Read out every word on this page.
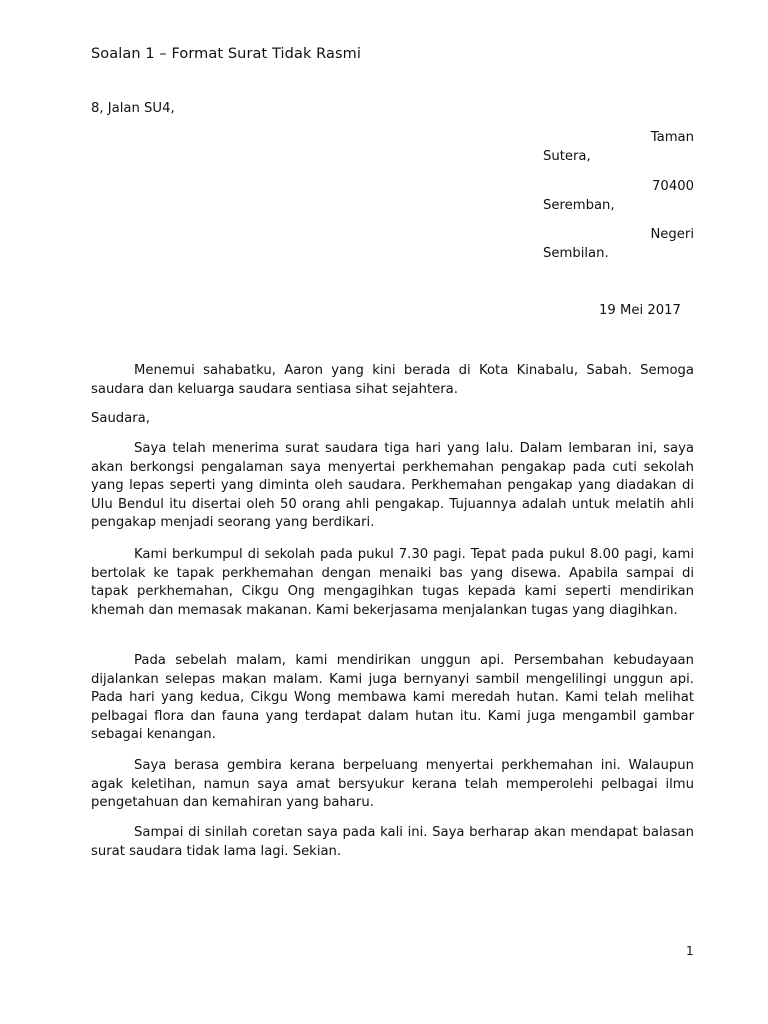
Soalan 1 – Format Surat Tidak Rasmi
8, Jalan SU4,
Taman
Sutera,
70400
Seremban,
Negeri
Sembilan.
19 Mei 2017

Menemui sahabatku, Aaron yang kini berada di Kota Kinabalu, Sabah. Semoga saudara dan keluarga saudara sentiasa sihat sejahtera.

Saudara,

Saya telah menerima surat saudara tiga hari yang lalu. Dalam lembaran ini, saya akan berkongsi pengalaman saya menyertai perkhemahan pengakap pada cuti sekolah yang lepas seperti yang diminta oleh saudara. Perkhemahan pengakap yang diadakan di Ulu Bendul itu disertai oleh 50 orang ahli pengakap. Tujuannya adalah untuk melatih ahli pengakap menjadi seorang yang berdikari.

Kami berkumpul di sekolah pada pukul 7.30 pagi. Tepat pada pukul 8.00 pagi, kami bertolak ke tapak perkhemahan dengan menaiki bas yang disewa. Apabila sampai di tapak perkhemahan, Cikgu Ong mengagihkan tugas kepada kami seperti mendirikan khemah dan memasak makanan. Kami bekerjasama menjalankan tugas yang diagihkan.

Pada sebelah malam, kami mendirikan unggun api. Persembahan kebudayaan dijalankan selepas makan malam. Kami juga bernyanyi sambil mengelilingi unggun api. Pada hari yang kedua, Cikgu Wong membawa kami meredah hutan. Kami telah melihat pelbagai flora dan fauna yang terdapat dalam hutan itu. Kami juga mengambil gambar sebagai kenangan.

Saya berasa gembira kerana berpeluang menyertai perkhemahan ini. Walaupun agak keletihan, namun saya amat bersyukur kerana telah memperolehi pelbagai ilmu pengetahuan dan kemahiran yang baharu.

Sampai di sinilah coretan saya pada kali ini. Saya berharap akan mendapat balasan surat saudara tidak lama lagi. Sekian.

1
